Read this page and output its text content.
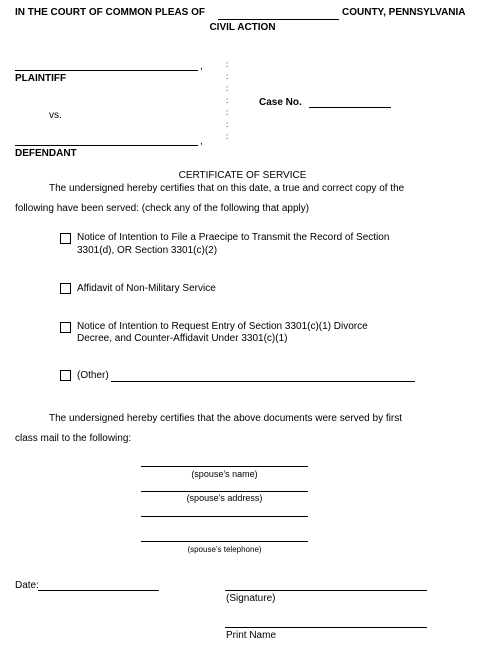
IN THE COURT OF COMMON PLEAS OF	COUNTY, PENNSYLVANIA
CIVIL ACTION
,
PLAINTIFF
vs.
,
DEFENDANT
:
:
:
:
:
:
:
Case No.
CERTIFICATE OF SERVICE
The undersigned hereby certifies that on this date, a true and correct copy of the
following have been served: (check any of the following that apply)
Notice of Intention to File a Praecipe to Transmit the Record of Section
3301(d), OR Section 3301(c)(2)
Affidavit of Non-Military Service
Notice of Intention to Request Entry of Section 3301(c)(1) Divorce
Decree, and Counter-Affidavit Under 3301(c)(1)
(Other)
The undersigned hereby certifies that the above documents were served by first
class mail to the following:
(spouse’s name)
(spouse’s address)
(spouse’s telephone)
Date:
(Signature)
Print Name
